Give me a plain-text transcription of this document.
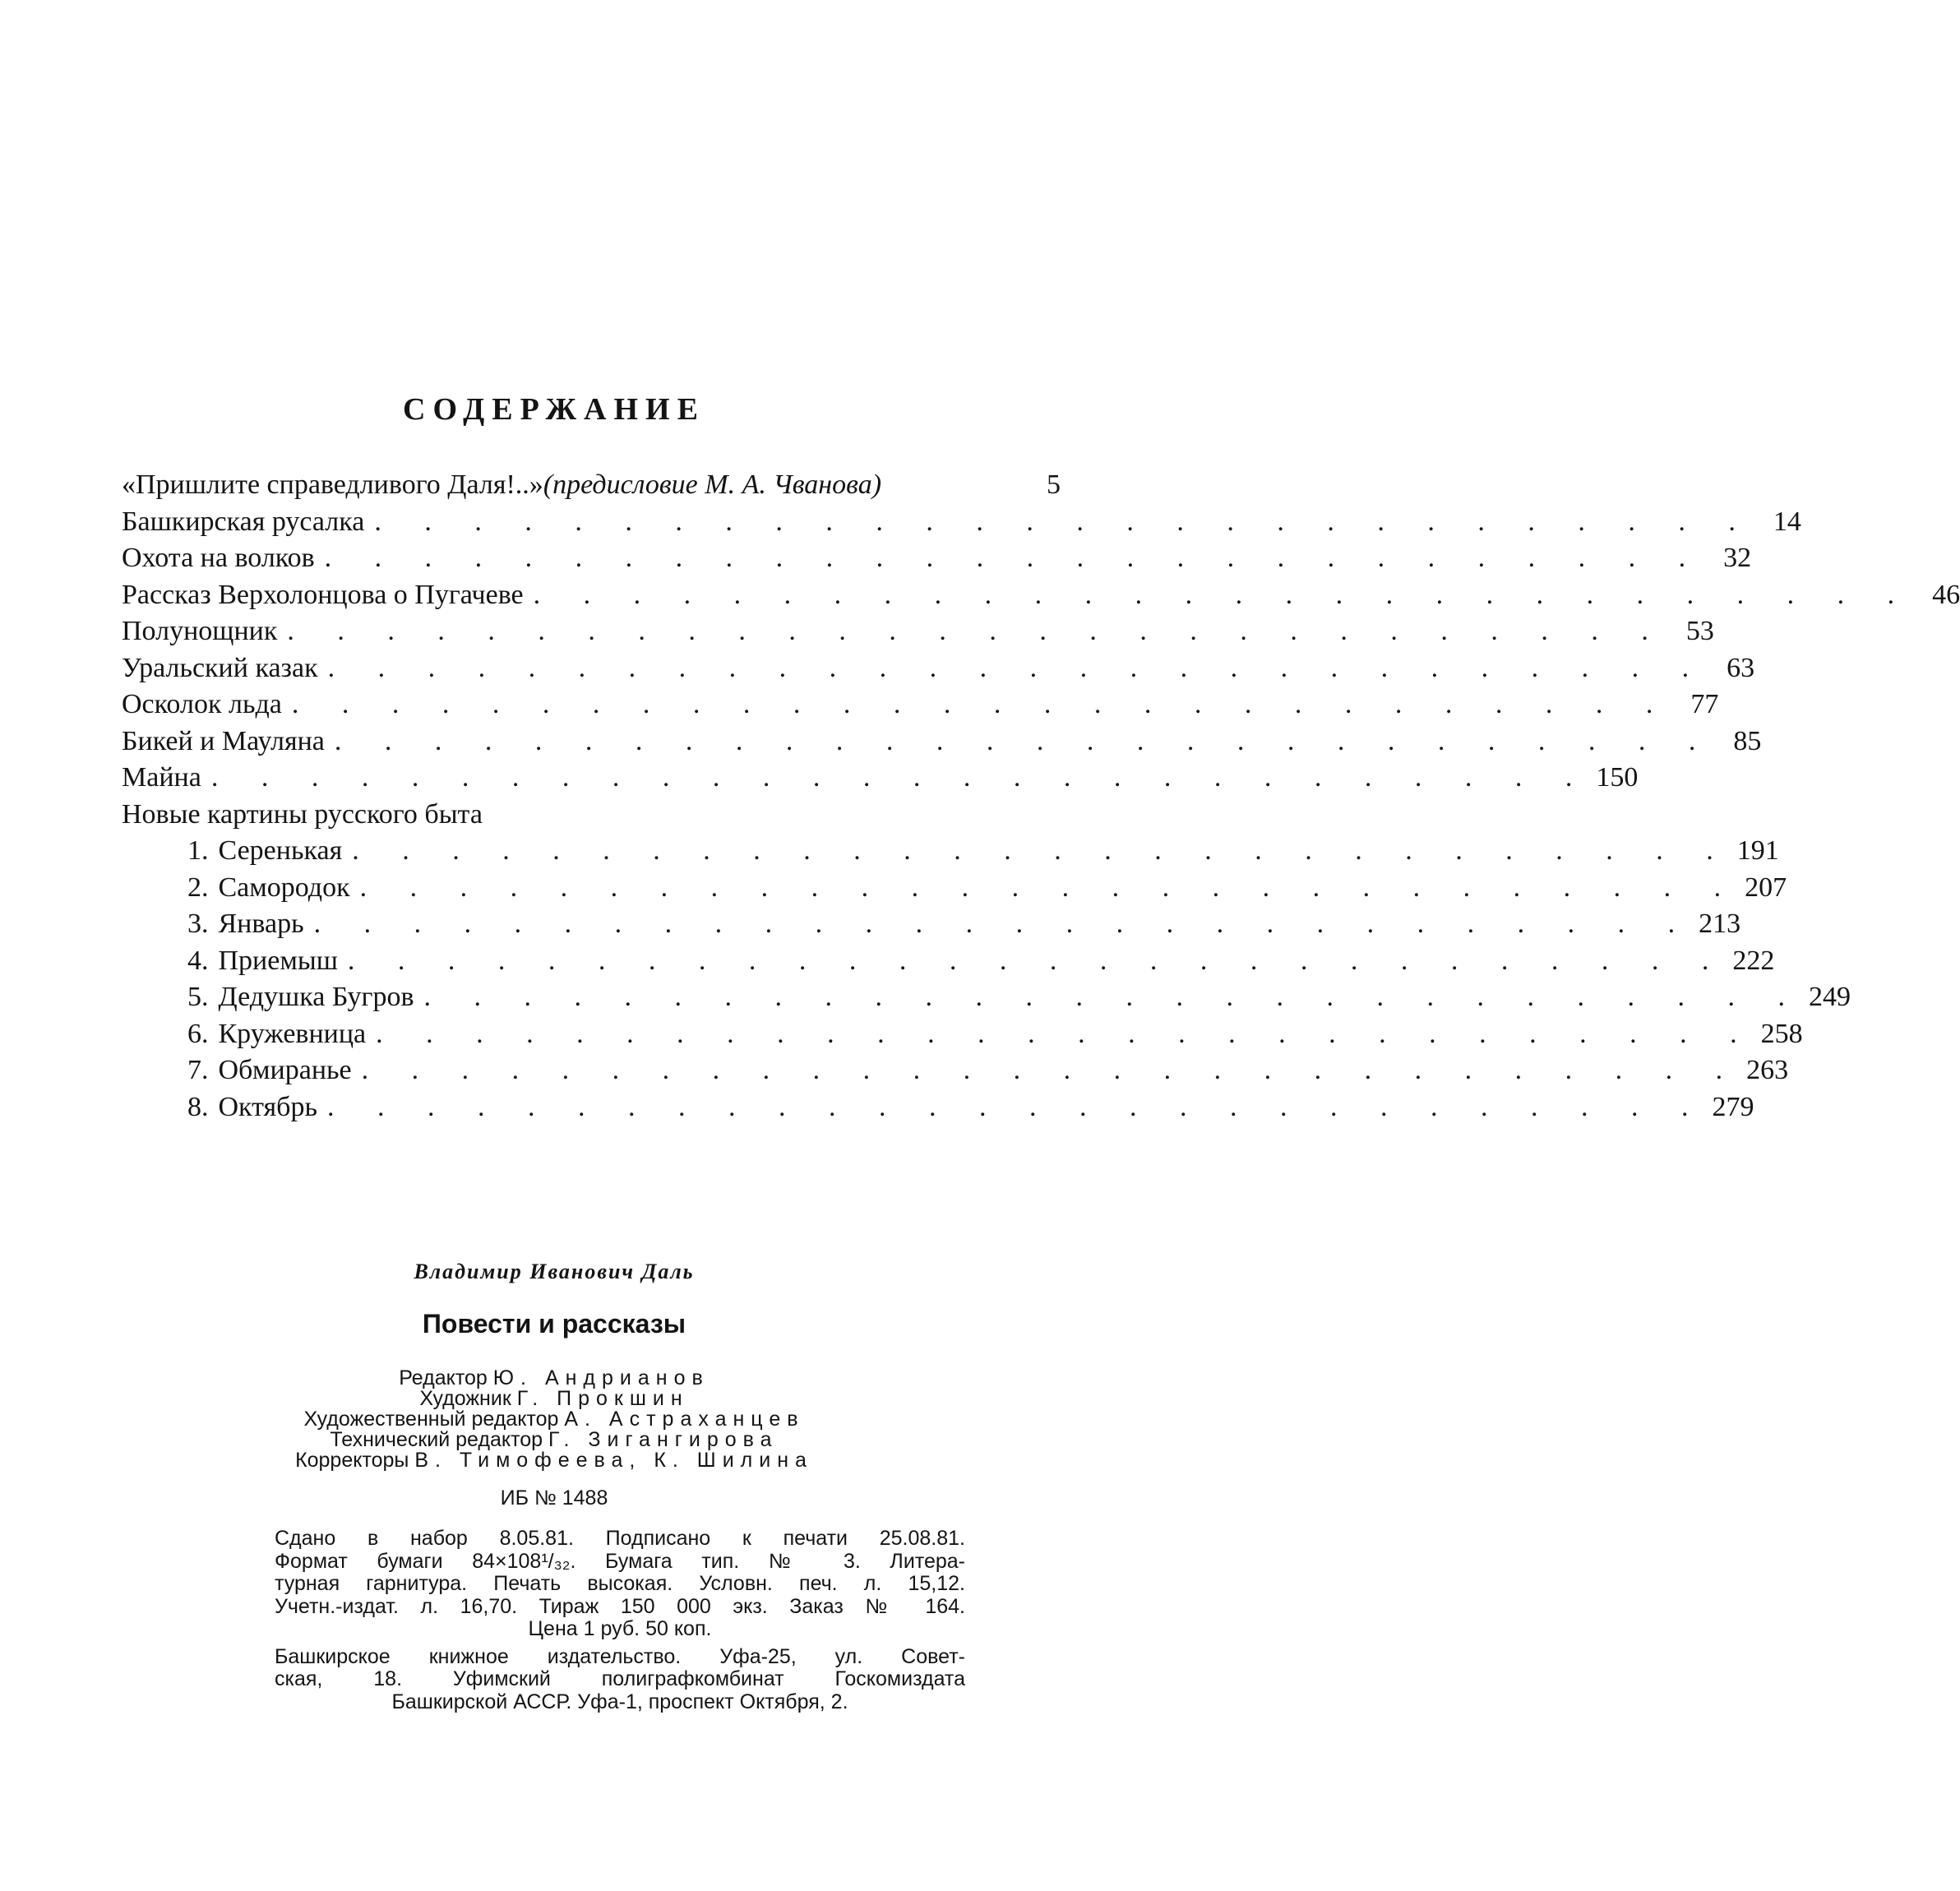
СОДЕРЖАНИЕ
«Пришлите справедливого Даля!..» (предисловие М. А. Чванова)	5
Башкирская русалка . . . . . . . . . . . . . . . . . . . . . . . . . . . . 14
Охота на волков . . . . . . . . . . . . . . . . . . . . . . . . . . . . 32
Рассказ Верхолонцова о Пугачеве . . . . . . . . . . . . . . . . . . . . . . . . . . . . 46
Полунощник . . . . . . . . . . . . . . . . . . . . . . . . . . . . 53
Уральский казак . . . . . . . . . . . . . . . . . . . . . . . . . . . . 63
Осколок льда . . . . . . . . . . . . . . . . . . . . . . . . . . . . 77
Бикей и Мауляна . . . . . . . . . . . . . . . . . . . . . . . . . . . . 85
Майна . . . . . . . . . . . . . . . . . . . . . . . . . . . . 150
Новые картины русского быта
1. Серенькая . . . . . . . . . . . . . . . . . . . . . . . . . . . . 191
2. Самородок . . . . . . . . . . . . . . . . . . . . . . . . . . . . 207
3. Январь . . . . . . . . . . . . . . . . . . . . . . . . . . . . 213
4. Приемыш . . . . . . . . . . . . . . . . . . . . . . . . . . . . 222
5. Дедушка Бугров . . . . . . . . . . . . . . . . . . . . . . . . . . . . 249
6. Кружевница . . . . . . . . . . . . . . . . . . . . . . . . . . . . 258
7. Обмиранье . . . . . . . . . . . . . . . . . . . . . . . . . . . . 263
8. Октябрь . . . . . . . . . . . . . . . . . . . . . . . . . . . . 279
Владимир Иванович Даль
Повести и рассказы
Редактор Ю. Андрианов
Художник Г. Прокшин
Художественный редактор А. Астраханцев
Технический редактор Г. Зигангирова
Корректоры В. Тимофеева, К. Шилина
ИБ № 1488
Сдано в набор 8.05.81. Подписано к печати 25.08.81.
Формат бумаги 84×108¹/₃₂. Бумага тип. № 3. Литера-
турная гарнитура. Печать высокая. Условн. печ. л. 15,12.
Учетн.-издат. л. 16,70. Тираж 150 000 экз. Заказ № 164.
Цена 1 руб. 50 коп.
Башкирское книжное издательство. Уфа-25, ул. Совет-
ская, 18. Уфимский полиграфкомбинат Госкомиздата
Башкирской АССР. Уфа-1, проспект Октября, 2.
